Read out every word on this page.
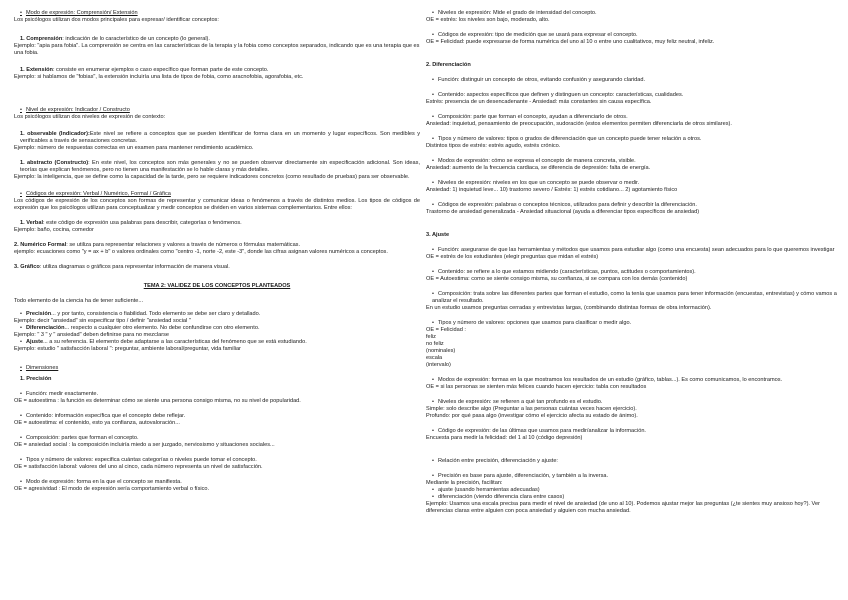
• Modo de expresión: Comprensión/ Extensión

Los psicólogos utilizan dos modos principales para expresar/ identificar conceptos:

1. Comprensión: indicación de lo característico de un concepto (lo general).

Ejemplo: "apia para fobia". La comprensión se centra en las características de la terapia y la fobia como conceptos separados, indicando que es una terapia que es una fobia.

1. Extensión: consiste en enumerar ejemplos o caso específico que forman parte de este concepto.

Ejemplo: si hablamos de "fobias", la extensión incluiría una lista de tipos de fobia, como aracnofobia, agorafobia, etc.

• Nivel de expresión: Indicador / Constructo

Los psicólogos utilizan dos niveles de expresión de contexto:

1. observable (Indicador):Este nivel se refiere a conceptos que se pueden identificar de forma clara en un momento y lugar específicos. Son medibles y verificables a través de sensaciones concretas.

Ejemplo: número de respuestas correctas en un examen para mantener rendimiento académico.

1. abstracto (Constructo): En este nivel, los conceptos son más generales y no se pueden observar directamente sin especificación adicional. Son ideas, teorías que explican fenómenos, pero no tienen una manifestación se lo hable claras y más detalles.

Ejemplo: la inteligencia, que se define como la capacidad de la tarde, pero se requiere indicadores concretos (como resultado de pruebas) para ser observable.

• Códigos de expresión: Verbal / Numérico, Formal / Gráfica

Los códigos de expresión de los conceptos son formas de representar y comunicar ideas o fenómenos a través de distintos medios. Los tipos de códigos de expresión que los psicólogos utilizan para conceptualizar y medir conceptos se dividen en varios sistemas complementarios. Entre ellos:

1. Verbal: este código de expresión usa palabras para describir, categorías o fenómenos.

Ejemplo: baño, cocina, comedor

2. Numérico Formal: se utiliza para representar relaciones y valores a través de números o fórmulas matemáticas.

ejemplo: ecuaciones como "y = ax + b" o valores ordinales como "centro -1, norte -2, este -3", donde las cifras asignan valores numéricos a conceptos.

3. Gráfico: utiliza diagramas o gráficos para representar información de manera visual.

TEMA 2: VALIDEZ DE LOS CONCEPTOS PLANTEADOS

Todo elemento de la ciencia ha de tener suficiente...

• Precisión... y por tanto, consistencia o fiabilidad. Todo elemento se debe ser claro y detallado.

Ejemplo: decir "ansiedad" sin especificar tipo / definir "ansiedad social "

• Diferenciación... respecto a cualquier otro elemento. No debe confundirse con otro elemento.

Ejemplo: " 3 " y " ansiedad" deben definirse para no mezclarse

• Ajuste... a su referencia. El elemento debe adaptarse a las características del fenómeno que se está estudiando.

Ejemplo: estudio " satisfacción laboral ": preguntar, ambiente laboral/preguntar, vida familiar

• Dimensiones

1. Precisión

• Función: medir exactamente.

OE = autoestima : la función es determinar cómo se siente una persona consigo misma, no su nivel de popularidad.

• Contenido: información específica que el concepto debe reflejar.

OE = autoestima: el contenido, esto ya confianza, autovaloración...

• Composición: partes que forman el concepto.

OE = ansiedad social : la composición incluiría miedo a ser juzgado, nerviosismo y situaciones sociales...

• Tipos y número de valores: especifica cuántas categorías o niveles puede tomar el concepto.

OE = satisfacción laboral: valores del uno al cinco, cada número representa un nivel de satisfacción.

• Modo de expresión: forma en la que el concepto se manifiesta.

OE = agresividad : El modo de expresión sería comportamiento verbal o físico.

• Niveles de expresión: Mide el grado de intensidad del concepto.

OE = estrés: los niveles son bajo, moderado, alto.

• Códigos de expresión: tipo de medición que se usará para expresar el concepto.

OE = Felicidad: puede expresarse de forma numérica del uno al 10 o entre uno cualitativos, muy feliz neutral, infeliz.

2. Diferenciación

• Función: distinguir un concepto de otros, evitando confusión y asegurando claridad.

• Contenido: aspectos específicos que definen y distinguen un concepto: características, cualidades.

Estrés: presencia de un desencadenante - Ansiedad: más constantes sin causa específica.

• Composición: parte que forman el concepto, ayudan a diferenciarlo de otros.

Ansiedad: inquietud, pensamiento de preocupación, sudoración (estos elementos permiten diferenciarla de otros similares).

• Tipos y número de valores: tipos o grados de diferenciación que un concepto puede tener relación a otros.

Distintos tipos de estrés: estrés agudo, estrés crónico.

• Modos de expresión: cómo se expresa el concepto de manera concreta, visible.

Ansiedad: aumento de la frecuencia cardiaca, se diferencia de depresión: falta de energía.

• Niveles de expresión: niveles en los que un concepto se puede observar o medir.

Ansiedad: 1) inquietud leve... 10) trastorno severo / Estrés: 1) estrés cotidiano... 2) agotamiento físico

• Códigos de expresión: palabras o conceptos técnicos, utilizados para definir y describir la diferenciación.

Trastorno de ansiedad generalizada - Ansiedad situacional (ayuda a diferenciar tipos específicos de ansiedad)

3. Ajuste

• Función: asegurarse de que las herramientas y métodos que usamos para estudiar algo (como una encuesta) sean adecuados para lo que queremos investigar

OE = estrés de los estudiantes (elegir preguntas que midan el estrés)

• Contenido: se refiere a lo que estamos midiendo (características, puntos, actitudes o comportamientos).

OE = Autoestima: como se siente consigo misma, su confianza, si se compara con los demás (contenido)

• Composición: trata sobre las diferentes partes que forman el estudio, como la tenía que usamos para tener información (encuestas, entrevistas) y cómo vamos a analizar el resultado.

En un estudio usamos preguntas cerradas y entrevistas largas, (combinando distintas formas de obra información).

• Tipos y número de valores: opciones que usamos para clasificar o medir algo.

OE = Felicidad :

feliz

no feliz

(nominales)

escala

(intervalo)

• Modos de expresión: formas en la que mostramos los resultados de un estudio (gráfico, tablas...). Es como comunicamos, lo encontramos.

OE = si las personas se sienten más felices cuando hacen ejercicio: tabla con resultados

• Niveles de expresión: se refieren a qué tan profundo es el estudio.

Simple: solo describe algo (Preguntar a las personas cuántas veces hacen ejercicio).

Profundo: por qué pasa algo (investigar cómo el ejercicio afecta su estado de ánimo).

• Código de expresión: de las últimas que usamos para medir/analizar la información.

Encuesta para medir la felicidad: del 1 al 10 (código depresión)

• Relación entre precisión, diferenciación y ajuste:

• Precisión es base para ajuste, diferenciación, y también a la inversa.

Mediante la precisión, facilitan:

• ajuste (usando herramientas adecuadas)

• diferenciación (viendo diferencia clara entre casos)

Ejemplo: Usamos una escala precisa para medir el nivel de ansiedad (de uno al 10). Podemos ajustar mejor las preguntas (¿te sientes muy ansioso hoy?). Ver diferencias claras entre alguien con poca ansiedad y alguien con mucha ansiedad.
